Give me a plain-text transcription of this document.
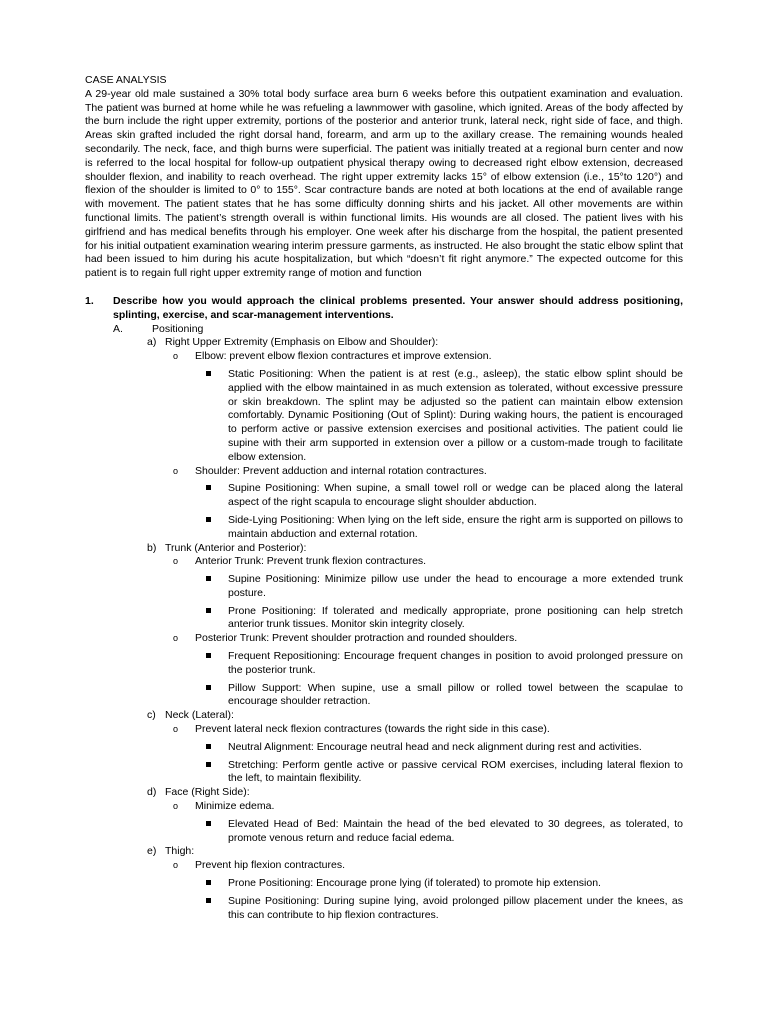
CASE ANALYSIS

A 29-year old male sustained a 30% total body surface area burn 6 weeks before this outpatient examination and evaluation. The patient was burned at home while he was refueling a lawnmower with gasoline, which ignited. Areas of the body affected by the burn include the right upper extremity, portions of the posterior and anterior trunk, lateral neck, right side of face, and thigh. Areas skin grafted included the right dorsal hand, forearm, and arm up to the axillary crease. The remaining wounds healed secondarily. The neck, face, and thigh burns were superficial. The patient was initially treated at a regional burn center and now is referred to the local hospital for follow-up outpatient physical therapy owing to decreased right elbow extension, decreased shoulder flexion, and inability to reach overhead. The right upper extremity lacks 15° of elbow extension (i.e., 15°to 120°) and flexion of the shoulder is limited to 0° to 155°. Scar contracture bands are noted at both locations at the end of available range with movement. The patient states that he has some difficulty donning shirts and his jacket. All other movements are within functional limits. The patient’s strength overall is within functional limits. His wounds are all closed. The patient lives with his girlfriend and has medical benefits through his employer. One week after his discharge from the hospital, the patient presented for his initial outpatient examination wearing interim pressure garments, as instructed. He also brought the static elbow splint that had been issued to him during his acute hospitalization, but which “doesn’t fit right anymore.” The expected outcome for this patient is to regain full right upper extremity range of motion and function

1. Describe how you would approach the clinical problems presented. Your answer should address positioning, splinting, exercise, and scar-management interventions.
A.	Positioning
a) Right Upper Extremity (Emphasis on Elbow and Shoulder):
o Elbow: prevent elbow flexion contractures et improve extension.
Static Positioning: When the patient is at rest (e.g., asleep), the static elbow splint should be applied with the elbow maintained in as much extension as tolerated, without excessive pressure or skin breakdown. The splint may be adjusted so the patient can maintain elbow extension comfortably. Dynamic Positioning (Out of Splint): During waking hours, the patient is encouraged to perform active or passive extension exercises and positional activities. The patient could lie supine with their arm supported in extension over a pillow or a custom-made trough to facilitate elbow extension.
o Shoulder: Prevent adduction and internal rotation contractures.
Supine Positioning: When supine, a small towel roll or wedge can be placed along the lateral aspect of the right scapula to encourage slight shoulder abduction.
Side-Lying Positioning: When lying on the left side, ensure the right arm is supported on pillows to maintain abduction and external rotation.
b) Trunk (Anterior and Posterior):
o Anterior Trunk: Prevent trunk flexion contractures.
Supine Positioning: Minimize pillow use under the head to encourage a more extended trunk posture.
Prone Positioning: If tolerated and medically appropriate, prone positioning can help stretch anterior trunk tissues. Monitor skin integrity closely.
o Posterior Trunk: Prevent shoulder protraction and rounded shoulders.
Frequent Repositioning: Encourage frequent changes in position to avoid prolonged pressure on the posterior trunk.
Pillow Support: When supine, use a small pillow or rolled towel between the scapulae to encourage shoulder retraction.
c) Neck (Lateral):
o Prevent lateral neck flexion contractures (towards the right side in this case).
Neutral Alignment: Encourage neutral head and neck alignment during rest and activities.
Stretching: Perform gentle active or passive cervical ROM exercises, including lateral flexion to the left, to maintain flexibility.
d) Face (Right Side):
o Minimize edema.
Elevated Head of Bed: Maintain the head of the bed elevated to 30 degrees, as tolerated, to promote venous return and reduce facial edema.
e) Thigh:
o Prevent hip flexion contractures.
Prone Positioning: Encourage prone lying (if tolerated) to promote hip extension.
Supine Positioning: During supine lying, avoid prolonged pillow placement under the knees, as this can contribute to hip flexion contractures.
